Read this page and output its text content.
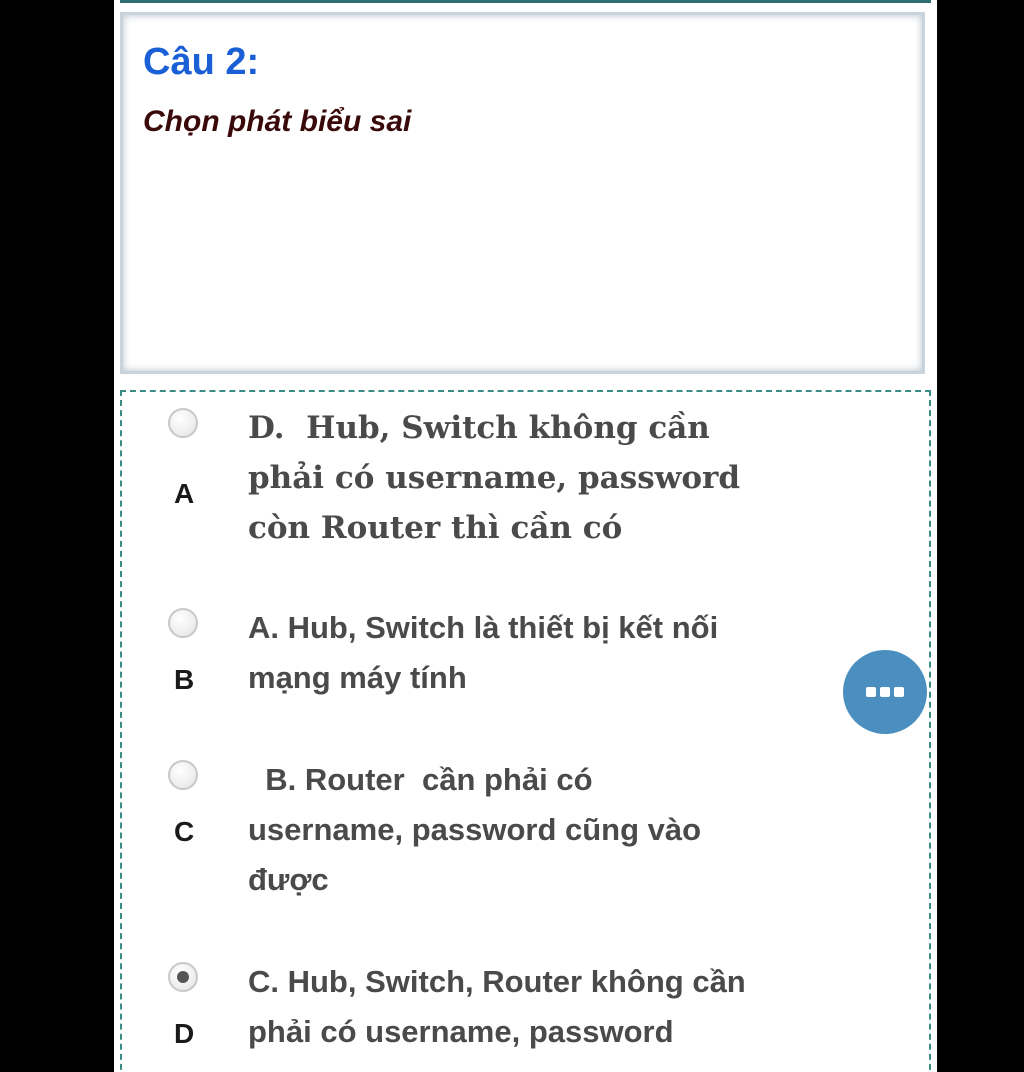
Câu 2:
Chọn phát biểu sai
A
D.  Hub, Switch không cần phải có username, password còn Router thì cần có
B
A. Hub, Switch là thiết bị kết nối mạng máy tính
C
B. Router  cần phải có username, password cũng vào được
D
C. Hub, Switch, Router không cần phải có username, password
